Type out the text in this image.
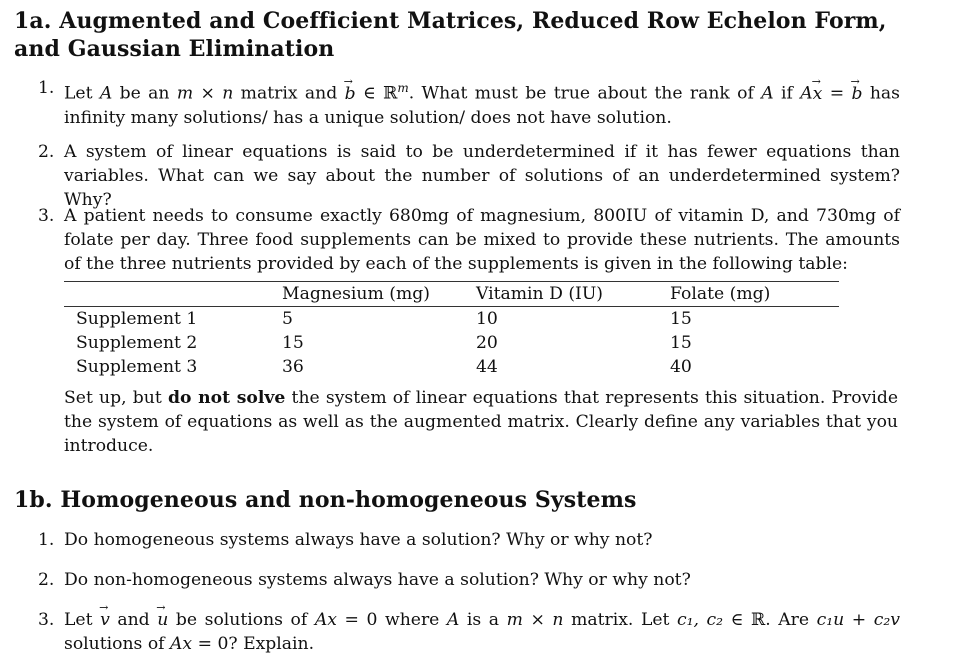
1a. Augmented and Coefficient Matrices, Reduced Row Echelon Form, and Gaussian Elimination
1. Let A be an m × n matrix and → b ∈ ℝ$^m$. What must be true about the rank of A if A→ x = → b has infinity many solutions/ has a unique solution/ does not have solution.
2. A system of linear equations is said to be underdetermined if it has fewer equations than variables. What can we say about the number of solutions of an underdetermined system? Why?
3. A patient needs to consume exactly 680mg of magnesium, 800IU of vitamin D, and 730mg of folate per day. Three food supplements can be mixed to provide these nutrients. The amounts of the three nutrients provided by each of the supplements is given in the following table:
	Magnesium (mg)	Vitamin D (IU)	Folate (mg)
Supplement 1	5	10	15
Supplement 2	15	20	15
Supplement 3	36	44	40
Set up, but do not solve the system of linear equations that represents this situation. Provide the system of equations as well as the augmented matrix. Clearly define any variables that you introduce.
1b. Homogeneous and non-homogeneous Systems
1. Do homogeneous systems always have a solution? Why or why not?
2. Do non-homogeneous systems always have a solution? Why or why not?
3. Let → v and → u be solutions of Ax = 0 where A is a m × n matrix. Let c₁, c₂ ∈ ℝ. Are c₁u + c₂v solutions of Ax = 0? Explain.
